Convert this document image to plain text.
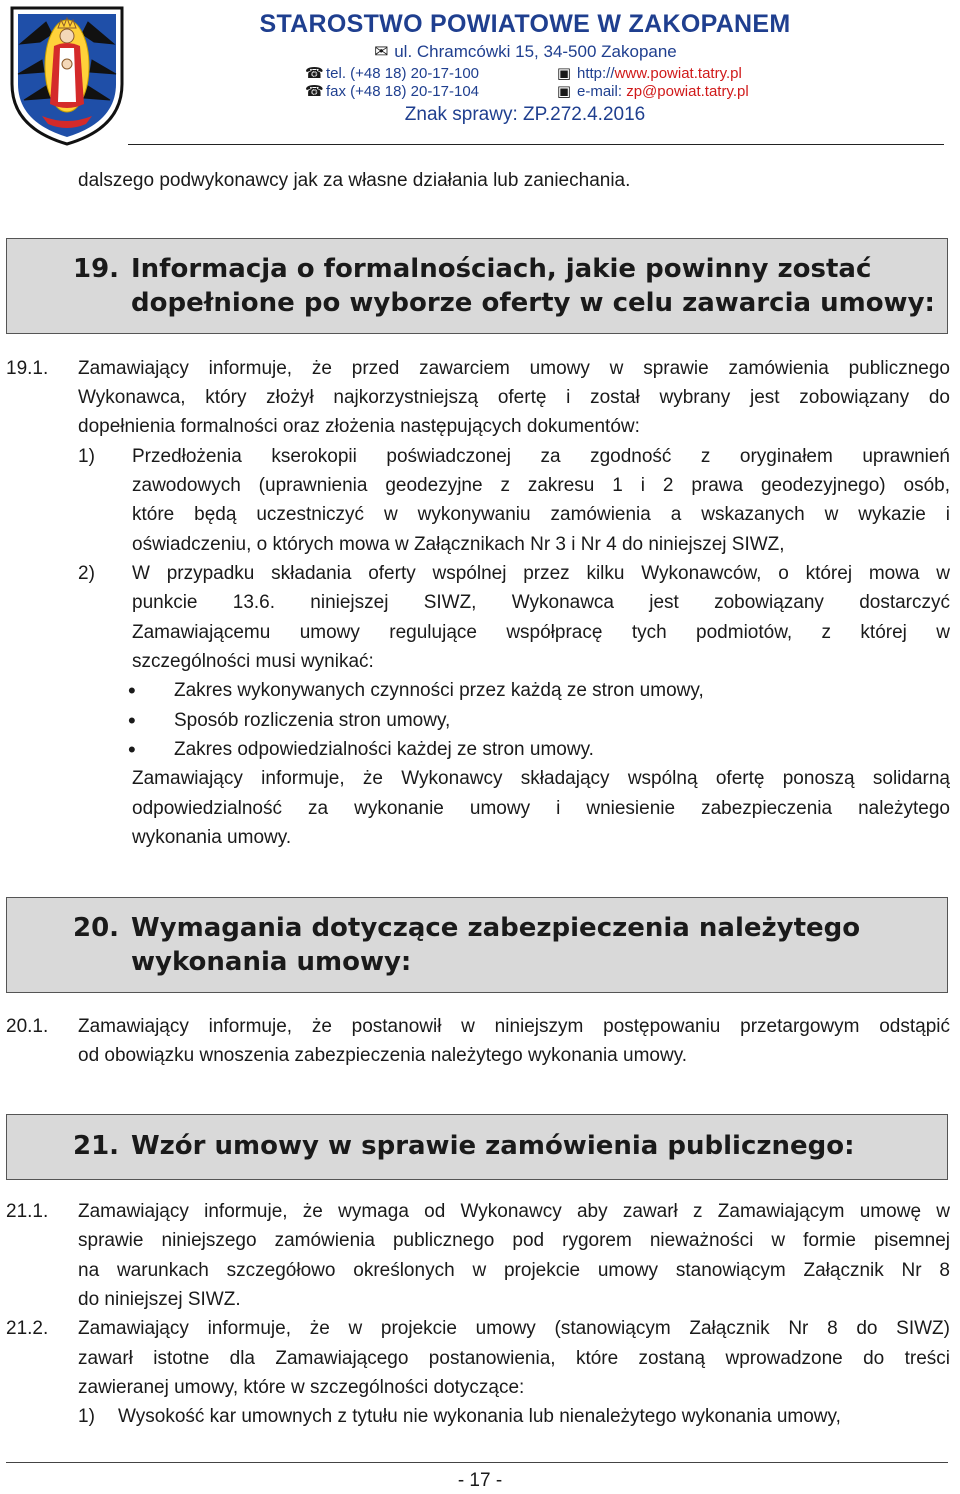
STAROSTWO POWIATOWE W ZAKOPANEM
✉ ul. Chramcówki 15, 34-500 Zakopane
☎ tel. (+48 18) 20-17-100
☎ fax (+48 18) 20-17-104
▣ http://www.powiat.tatry.pl
▣ e-mail: zp@powiat.tatry.pl
Znak sprawy: ZP.272.4.2016
dalszego podwykonawcy jak za własne działania lub zaniechania.
19. Informacja o formalnościach, jakie powinny zostać
dopełnione po wyborze oferty w celu zawarcia umowy:
19.1. Zamawiający informuje, że przed zawarciem umowy w sprawie zamówienia publicznego
Wykonawca, który złożył najkorzystniejszą ofertę i został wybrany jest zobowiązany do
dopełnienia formalności oraz złożenia następujących dokumentów:
1) Przedłożenia kserokopii poświadczonej za zgodność z oryginałem uprawnień
zawodowych (uprawnienia geodezyjne z zakresu 1 i 2 prawa geodezyjnego) osób,
które będą uczestniczyć w wykonywaniu zamówienia a wskazanych w wykazie i
oświadczeniu, o których mowa w Załącznikach Nr 3 i Nr 4 do niniejszej SIWZ,
2) W przypadku składania oferty wspólnej przez kilku Wykonawców, o której mowa w
punkcie 13.6. niniejszej SIWZ, Wykonawca jest zobowiązany dostarczyć
Zamawiającemu umowy regulujące współpracę tych podmiotów, z której w
szczególności musi wynikać:
• Zakres wykonywanych czynności przez każdą ze stron umowy,
• Sposób rozliczenia stron umowy,
• Zakres odpowiedzialności każdej ze stron umowy.
Zamawiający informuje, że Wykonawcy składający wspólną ofertę ponoszą solidarną
odpowiedzialność za wykonanie umowy i wniesienie zabezpieczenia należytego
wykonania umowy.
20. Wymagania dotyczące zabezpieczenia należytego
wykonania umowy:
20.1. Zamawiający informuje, że postanowił w niniejszym postępowaniu przetargowym odstąpić
od obowiązku wnoszenia zabezpieczenia należytego wykonania umowy.
21. Wzór umowy w sprawie zamówienia publicznego:
21.1. Zamawiający informuje, że wymaga od Wykonawcy aby zawarł z Zamawiającym umowę w
sprawie niniejszego zamówienia publicznego pod rygorem nieważności w formie pisemnej
na warunkach szczegółowo określonych w projekcie umowy stanowiącym Załącznik Nr 8
do niniejszej SIWZ.
21.2. Zamawiający informuje, że w projekcie umowy (stanowiącym Załącznik Nr 8 do SIWZ)
zawarł istotne dla Zamawiającego postanowienia, które zostaną wprowadzone do treści
zawieranej umowy, które w szczególności dotyczące:
1) Wysokość kar umownych z tytułu nie wykonania lub nienależytego wykonania umowy,
- 17 -
